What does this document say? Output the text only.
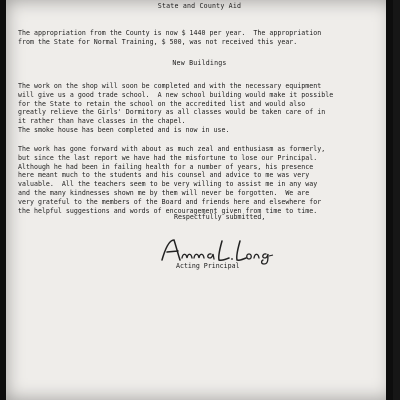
State and County Aid
The appropriation from the County is now $ 1440 per year.  The appropriation
from the State for Normal Training, $ 500, was not received this year.
New Buildings
The work on the shop will soon be completed and with the necessary equipment
will give us a good trade school.  A new school building would make it possible
for the State to retain the school on the accredited list and would also
greatly relieve the Girls' Dormitory as all classes would be taken care of in
it rather than have classes in the chapel.
The smoke house has been completed and is now in use.
The work has gone forward with about as much zeal and enthusiasm as formerly,
but since the last report we have had the misfortune to lose our Principal.
Although he had been in failing health for a number of years, his presence
here meant much to the students and his counsel and advice to me was very
valuable.  All the teachers seem to be very willing to assist me in any way
and the many kindnesses shown me by them will never be forgotten.  We are
very grateful to the members of the Board and friends here and elsewhere for
the helpful suggestions and words of encouragement given from time to time.
Respectfully submitted,
Acting Principal
